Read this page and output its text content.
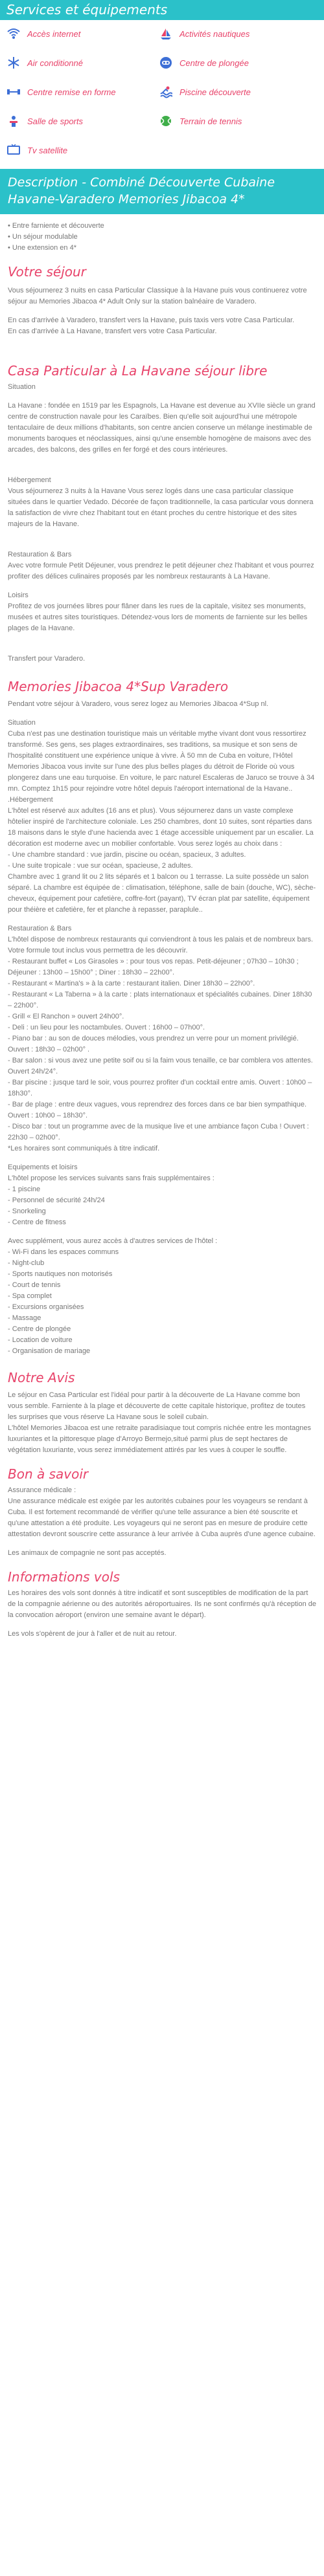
Services et équipements
Accès internet
Air conditionné
Centre remise en forme
Salle de sports
Tv satellite
Activités nautiques
Centre de plongée
Piscine découverte
Terrain de tennis
Description - Combiné Découverte Cubaine Havane-Varadero Memories Jibacoa 4*

• Entre farniente et découverte

• Un séjour modulable

• Une extension en 4*

Votre séjour

Vous séjournerez 3 nuits en casa Particular Classique à la Havane puis vous continuerez votre séjour au Memories Jibacoa 4* Adult Only sur la station balnéaire de Varadero.

En cas d'arrivée à Varadero, transfert vers la Havane, puis taxis vers votre Casa Particular.

En cas d'arrivée à La Havane, transfert vers votre Casa Particular.

Casa Particular à La Havane séjour libre

Situation

La Havane : fondée en 1519 par les Espagnols, La Havane est devenue au XVIIe siècle un grand centre de construction navale pour les Caraïbes. Bien qu'elle soit aujourd'hui une métropole tentaculaire de deux millions d'habitants, son centre ancien conserve un mélange inestimable de monuments baroques et néoclassiques, ainsi qu'une ensemble homogène de maisons avec des arcades, des balcons, des grilles en fer forgé et des cours intérieures.

Hébergement

Vous séjournerez 3 nuits à la Havane Vous serez logés dans une casa particular classique situées dans le quartier Vedado. Décorée de façon traditionnelle, la casa particular vous donnera la satisfaction de vivre chez l'habitant tout en étant proches du centre historique et des sites majeurs de la Havane.

Restauration & Bars

Avec votre formule Petit Déjeuner, vous prendrez le petit déjeuner chez l'habitant et vous pourrez profiter des délices culinaires proposés par les nombreux restaurants à La Havane.

Loisirs

Profitez de vos journées libres pour flâner dans les rues de la capitale, visitez ses monuments, musées et autres sites touristiques. Détendez-vous lors de moments de farniente sur les belles plages de la Havane.

Transfert pour Varadero.

Memories Jibacoa 4*Sup Varadero

Pendant votre séjour à Varadero, vous serez logez au Memories Jibacoa 4*Sup nl.

Situation

Cuba n'est pas une destination touristique mais un véritable mythe vivant dont vous ressortirez transformé. Ses gens, ses plages extraordinaires, ses traditions, sa musique et son sens de l'hospitalité constituent une expérience unique à vivre. À 50 mn de Cuba en voiture, l'Hôtel Memories Jibacoa vous invite sur l'une des plus belles plages du détroit de Floride où vous plongerez dans une eau turquoise. En voiture, le parc naturel Escaleras de Jaruco se trouve à 34 mn. Comptez 1h15 pour rejoindre votre hôtel depuis l'aéroport international de la Havane..

.Hébergement

L'hôtel est réservé aux adultes (16 ans et plus). Vous séjournerez dans un vaste complexe hôtelier inspiré de l'architecture coloniale. Les 250 chambres, dont 10 suites, sont réparties dans 18 maisons dans le style d'une hacienda avec 1 étage accessible uniquement par un escalier. La décoration est moderne avec un mobilier confortable. Vous serez logés au choix dans :

- Une chambre standard : vue jardin, piscine ou océan, spacieux, 3 adultes.

- Une suite tropicale : vue sur océan, spacieuse, 2 adultes.

Chambre avec 1 grand lit ou 2 lits séparés et 1 balcon ou 1 terrasse. La suite possède un salon séparé. La chambre est équipée de : climatisation, téléphone, salle de bain (douche, WC), sèche-cheveux, équipement pour cafetière, coffre-fort (payant), TV écran plat par satellite, équipement pour théière et cafetière, fer et planche à repasser, paraplule..

Restauration & Bars

L'hôtel dispose de nombreux restaurants qui conviendront à tous les palais et de nombreux bars. Votre formule tout inclus vous permettra de les découvrir.

- Restaurant buffet « Los Girasoles » : pour tous vos repas. Petit-déjeuner ; 07h30 – 10h30 ; Déjeuner : 13h00 – 15h00° ; Diner : 18h30 – 22h00°.

- Restaurant « Martina's » à la carte : restaurant italien. Diner 18h30 – 22h00°.

- Restaurant « La Taberna » à la carte : plats internationaux et spécialités cubaines. Diner 18h30 – 22h00°.

- Grill « El Ranchon » ouvert 24h00°.

- Deli : un lieu pour les noctambules. Ouvert : 16h00 – 07h00°.

- Piano bar : au son de douces mélodies, vous prendrez un verre pour un moment privilégié. Ouvert : 18h30 – 02h00° .

- Bar salon : si vous avez une petite soif ou si la faim vous tenaille, ce bar comblera vos attentes. Ouvert 24h/24°.

- Bar piscine : jusque tard le soir, vous pourrez profiter d'un cocktail entre amis. Ouvert : 10h00 – 18h30°.

- Bar de plage : entre deux vagues, vous reprendrez des forces dans ce bar bien sympathique. Ouvert : 10h00 – 18h30°.

- Disco bar : tout un programme avec de la musique live et une ambiance façon Cuba ! Ouvert : 22h30 – 02h00°.

*Les horaires sont communiqués à titre indicatif.

Equipements et loisirs

L'hôtel propose les services suivants sans frais supplémentaires :

- 1 piscine

- Personnel de sécurité 24h/24

- Snorkeling

- Centre de fitness

Avec supplément, vous aurez accès à d'autres services de l'hôtel :

- Wi-Fi dans les espaces communs

- Night-club

- Sports nautiques non motorisés

- Court de tennis

- Spa complet

- Excursions organisées

- Massage

- Centre de plongée

- Location de voiture

- Organisation de mariage

Notre Avis

Le séjour en Casa Particular est l'idéal pour partir à la découverte de La Havane comme bon vous semble. Farniente à la plage et découverte de cette capitale historique, profitez de toutes les surprises que vous réserve La Havane sous le soleil cubain.

L'hôtel Memories Jibacoa est une retraite paradisiaque tout compris nichée entre les montagnes luxuriantes et la pittoresque plage d'Arroyo Bermejo,situé parmi plus de sept hectares de végétation luxuriante, vous serez immédiatement attirés par les vues à couper le souffle.

Bon à savoir

Assurance médicale :

Une assurance médicale est exigée par les autorités cubaines pour les voyageurs se rendant à Cuba. Il est fortement recommandé de vérifier qu'une telle assurance a bien été souscrite et qu'une attestation a été produite. Les voyageurs qui ne seront pas en mesure de produire cette attestation devront souscrire cette assurance à leur arrivée à Cuba auprès d'une agence cubaine.

Les animaux de compagnie ne sont pas acceptés.

Informations vols

Les horaires des vols sont donnés à titre indicatif et sont susceptibles de modification de la part de la compagnie aérienne ou des autorités aéroportuaires. Ils ne sont confirmés qu'à réception de la convocation aéroport (environ une semaine avant le départ).

Les vols s'opèrent de jour à l'aller et de nuit au retour.
